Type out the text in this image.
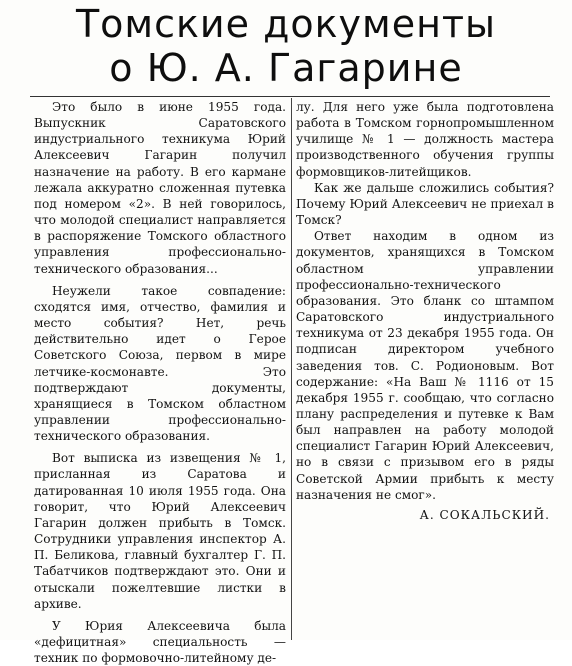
Томские документы
о Ю. А. Гагарине

Это было в июне 1955 года. Выпускник Саратовского индустриального техникума Юрий Алексеевич Гагарин получил назначение на работу. В его кармане лежала аккуратно сложенная путевка под номером «2». В ней говорилось, что молодой специалист направляется в распоряжение Томского областного управления профессионально-технического образования...

Неужели такое совпадение: сходятся имя, отчество, фамилия и место события? Нет, речь действительно идет о Герое Советского Союза, первом в мире летчике-космонавте. Это подтверждают документы, хранящиеся в Томском областном управлении профессионально-технического образования.

Вот выписка из извещения № 1, присланная из Саратова и датированная 10 июля 1955 года. Она говорит, что Юрий Алексеевич Гагарин должен прибыть в Томск. Сотрудники управления инспектор А. П. Беликова, главный бухгалтер Г. П. Табатчиков подтверждают это. Они и отыскали пожелтевшие листки в архиве.

У Юрия Алексеевича была «дефицитная» специальность — техник по формовочно-литейному де-

лу. Для него уже была подготовлена работа в Томском горнопромышленном училище № 1 — должность мастера производственного обучения группы формовщиков-литейщиков.

Как же дальше сложились события? Почему Юрий Алексеевич не приехал в Томск?

Ответ находим в одном из документов, хранящихся в Томском областном управлении профессионально-технического образования. Это бланк со штампом Саратовского индустриального техникума от 23 декабря 1955 года. Он подписан директором учебного заведения тов. С. Родионовым. Вот содержание: «На Ваш № 1116 от 15 декабря 1955 г. сообщаю, что согласно плану распределения и путевке к Вам был направлен на работу молодой специалист Гагарин Юрий Алексеевич, но в связи с призывом его в ряды Советской Армии прибыть к месту назначения не смог».

А. СОКАЛЬСКИЙ.
